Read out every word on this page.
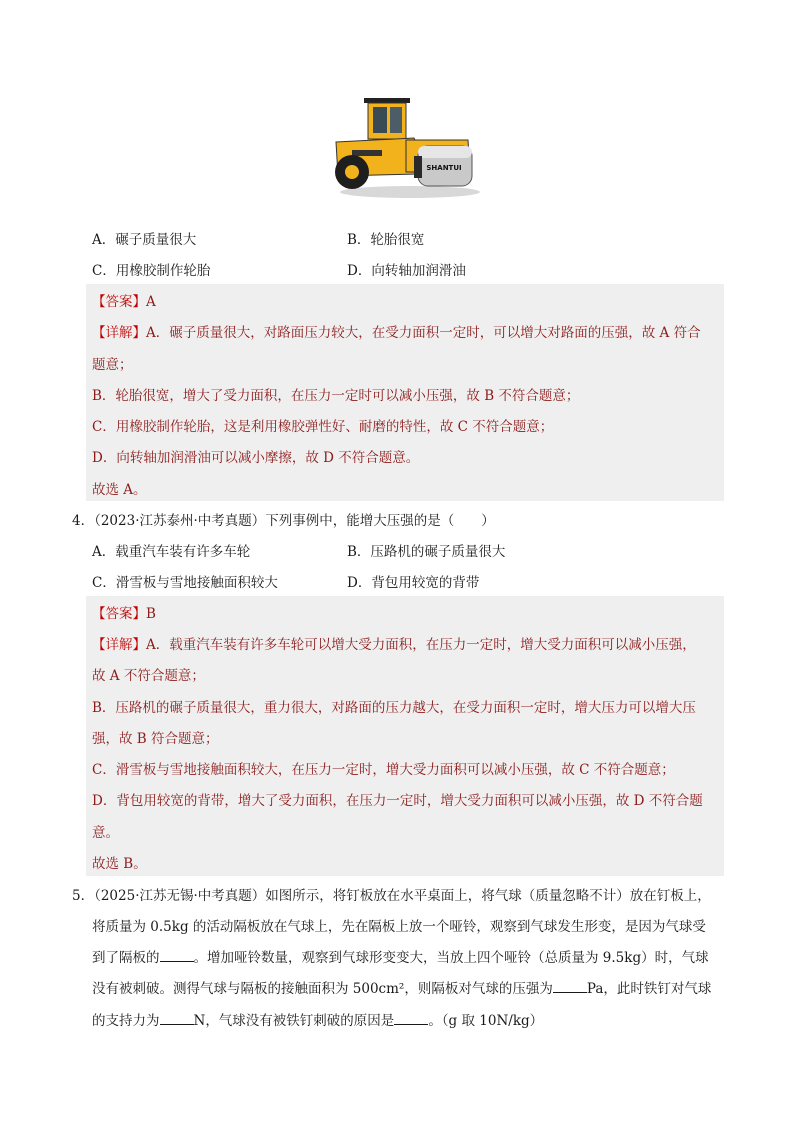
SHANTUI
A．碾子质量很大	B．轮胎很宽
C．用橡胶制作轮胎	D．向转轴加润滑油
【答案】A
【详解】A．碾子质量很大，对路面压力较大，在受力面积一定时，可以增大对路面的压强，故 A 符合
题意；
B．轮胎很宽，增大了受力面积，在压力一定时可以减小压强，故 B 不符合题意；
C．用橡胶制作轮胎，这是利用橡胶弹性好、耐磨的特性，故 C 不符合题意；
D．向转轴加润滑油可以减小摩擦，故 D 不符合题意。
故选 A。
4．（2023·江苏泰州·中考真题）下列事例中，能增大压强的是（　　）
A．载重汽车装有许多车轮	B．压路机的碾子质量很大
C．滑雪板与雪地接触面积较大	D．背包用较宽的背带
【答案】B
【详解】A．载重汽车装有许多车轮可以增大受力面积，在压力一定时，增大受力面积可以减小压强，
故 A 不符合题意；
B．压路机的碾子质量很大，重力很大，对路面的压力越大，在受力面积一定时，增大压力可以增大压
强，故 B 符合题意；
C．滑雪板与雪地接触面积较大，在压力一定时，增大受力面积可以减小压强，故 C 不符合题意；
D．背包用较宽的背带，增大了受力面积，在压力一定时，增大受力面积可以减小压强，故 D 不符合题
意。
故选 B。
5．（2025·江苏无锡·中考真题）如图所示，将钉板放在水平桌面上，将气球（质量忽略不计）放在钉板上，
将质量为 0.5kg 的活动隔板放在气球上，先在隔板上放一个哑铃，观察到气球发生形变，是因为气球受
到了隔板的	。增加哑铃数量，观察到气球形变变大，当放上四个哑铃（总质量为 9.5kg）时，气球
没有被刺破。测得气球与隔板的接触面积为 500cm²，则隔板对气球的压强为	Pa，此时铁钉对气球
的支持力为	N，气球没有被铁钉刺破的原因是	。（g 取 10N/kg）
